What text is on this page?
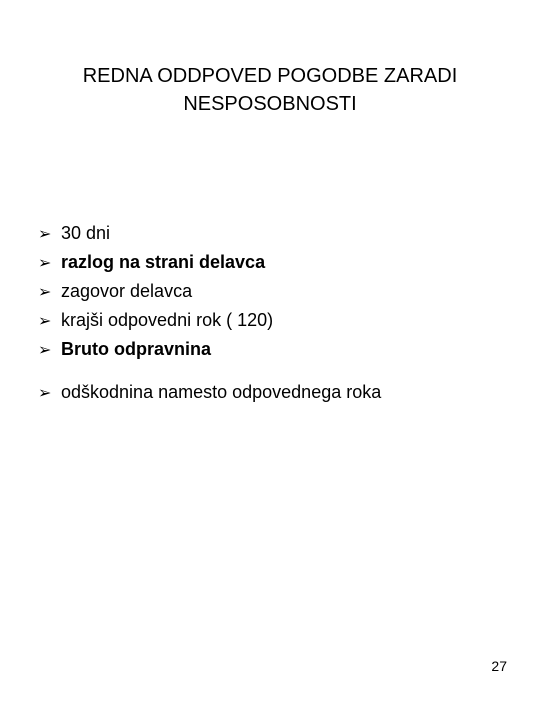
REDNA ODDPOVED POGODBE ZARADI
NESPOSOBNOSTI
➢ 30 dni
➢ razlog na strani delavca
➢ zagovor delavca
➢ krajši odpovedni rok ( 120)
➢ Bruto odpravnina
➢ odškodnina namesto odpovednega roka
27
